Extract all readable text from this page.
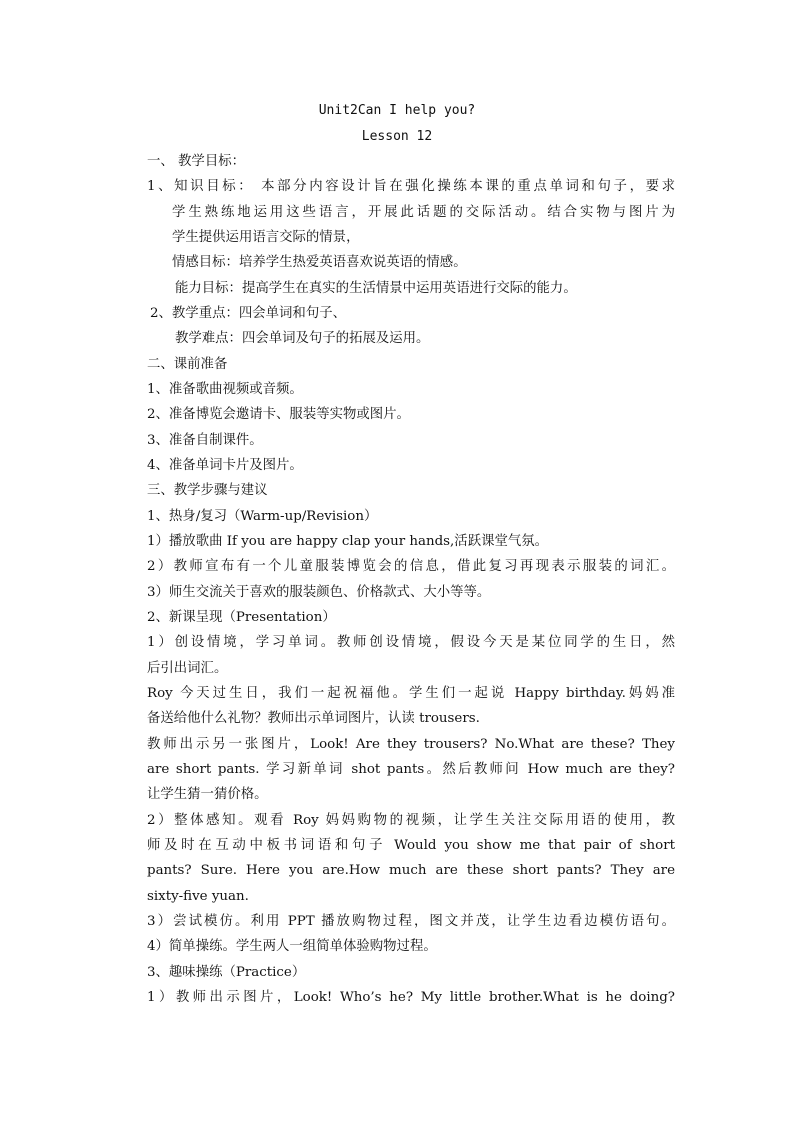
Unit2Can I help you?
Lesson 12
一、 教学目标：
1、知识目标： 本部分内容设计旨在强化操练本课的重点单词和句子，要求
学生熟练地运用这些语言，开展此话题的交际活动。结合实物与图片为
学生提供运用语言交际的情景，
情感目标：培养学生热爱英语喜欢说英语的情感。
能力目标：提高学生在真实的生活情景中运用英语进行交际的能力。
2、教学重点：四会单词和句子、
教学难点：四会单词及句子的拓展及运用。
二、课前准备
1、准备歌曲视频或音频。
2、准备博览会邀请卡、服装等实物或图片。
3、准备自制课件。
4、准备单词卡片及图片。
三、教学步骤与建议
1、热身/复习（Warm-up/Revision）
1）播放歌曲 If you are happy clap your hands,活跃课堂气氛。
2）教师宣布有一个儿童服装博览会的信息，借此复习再现表示服装的词汇。
3）师生交流关于喜欢的服装颜色、价格款式、大小等等。
2、新课呈现（Presentation）
1）创设情境，学习单词。教师创设情境，假设今天是某位同学的生日，然
后引出词汇。
Roy 今天过生日，我们一起祝福他。学生们一起说 Happy birthday.妈妈准
备送给他什么礼物？教师出示单词图片，认读 trousers.
教师出示另一张图片，Look! Are they trousers? No.What are these? They
are short pants. 学习新单词 shot pants。然后教师问 How much are they?
让学生猜一猜价格。
2）整体感知。观看 Roy 妈妈购物的视频，让学生关注交际用语的使用，教
师及时在互动中板书词语和句子 Would you show me that pair of short
pants? Sure. Here you are.How much are these short pants? They are
sixty-five yuan.
3）尝试模仿。利用 PPT 播放购物过程，图文并茂，让学生边看边模仿语句。
4）简单操练。学生两人一组简单体验购物过程。
3、趣味操练（Practice）
1）教师出示图片，Look! Who’s he? My little brother.What is he doing?
